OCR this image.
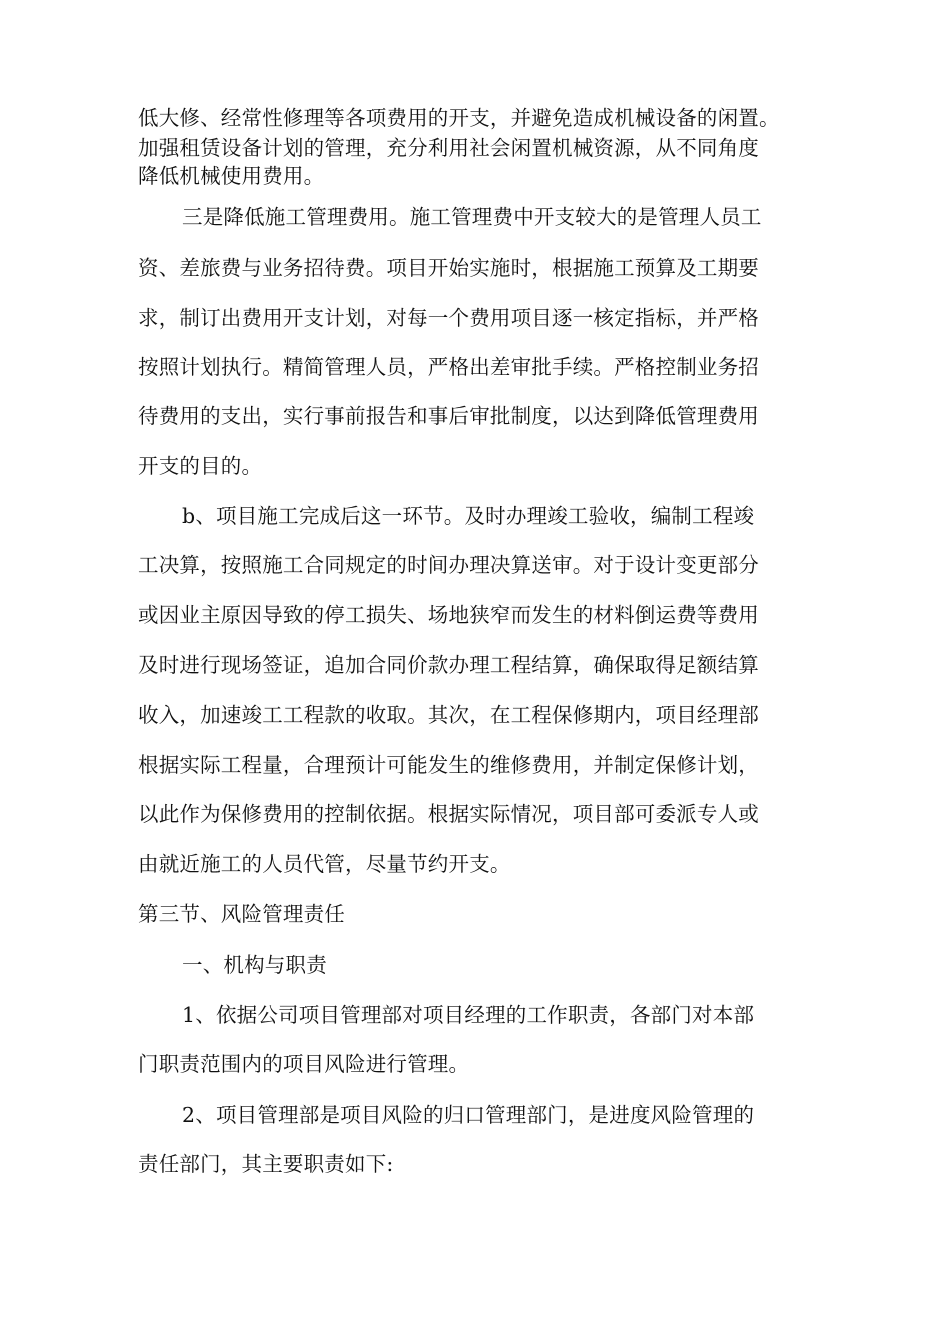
低大修、经常性修理等各项费用的开支，并避免造成机械设备的闲置。
加强租赁设备计划的管理，充分利用社会闲置机械资源，从不同角度
降低机械使用费用。
三是降低施工管理费用。施工管理费中开支较大的是管理人员工
资、差旅费与业务招待费。项目开始实施时，根据施工预算及工期要
求，制订出费用开支计划，对每一个费用项目逐一核定指标，并严格
按照计划执行。精简管理人员，严格出差审批手续。严格控制业务招
待费用的支出，实行事前报告和事后审批制度，以达到降低管理费用
开支的目的。
b、项目施工完成后这一环节。及时办理竣工验收，编制工程竣
工决算，按照施工合同规定的时间办理决算送审。对于设计变更部分
或因业主原因导致的停工损失、场地狭窄而发生的材料倒运费等费用
及时进行现场签证，追加合同价款办理工程结算，确保取得足额结算
收入，加速竣工工程款的收取。其次，在工程保修期内，项目经理部
根据实际工程量，合理预计可能发生的维修费用，并制定保修计划，
以此作为保修费用的控制依据。根据实际情况，项目部可委派专人或
由就近施工的人员代管，尽量节约开支。
第三节、风险管理责任
一、机构与职责
1、依据公司项目管理部对项目经理的工作职责，各部门对本部
门职责范围内的项目风险进行管理。
2、项目管理部是项目风险的归口管理部门，是进度风险管理的
责任部门，其主要职责如下:
